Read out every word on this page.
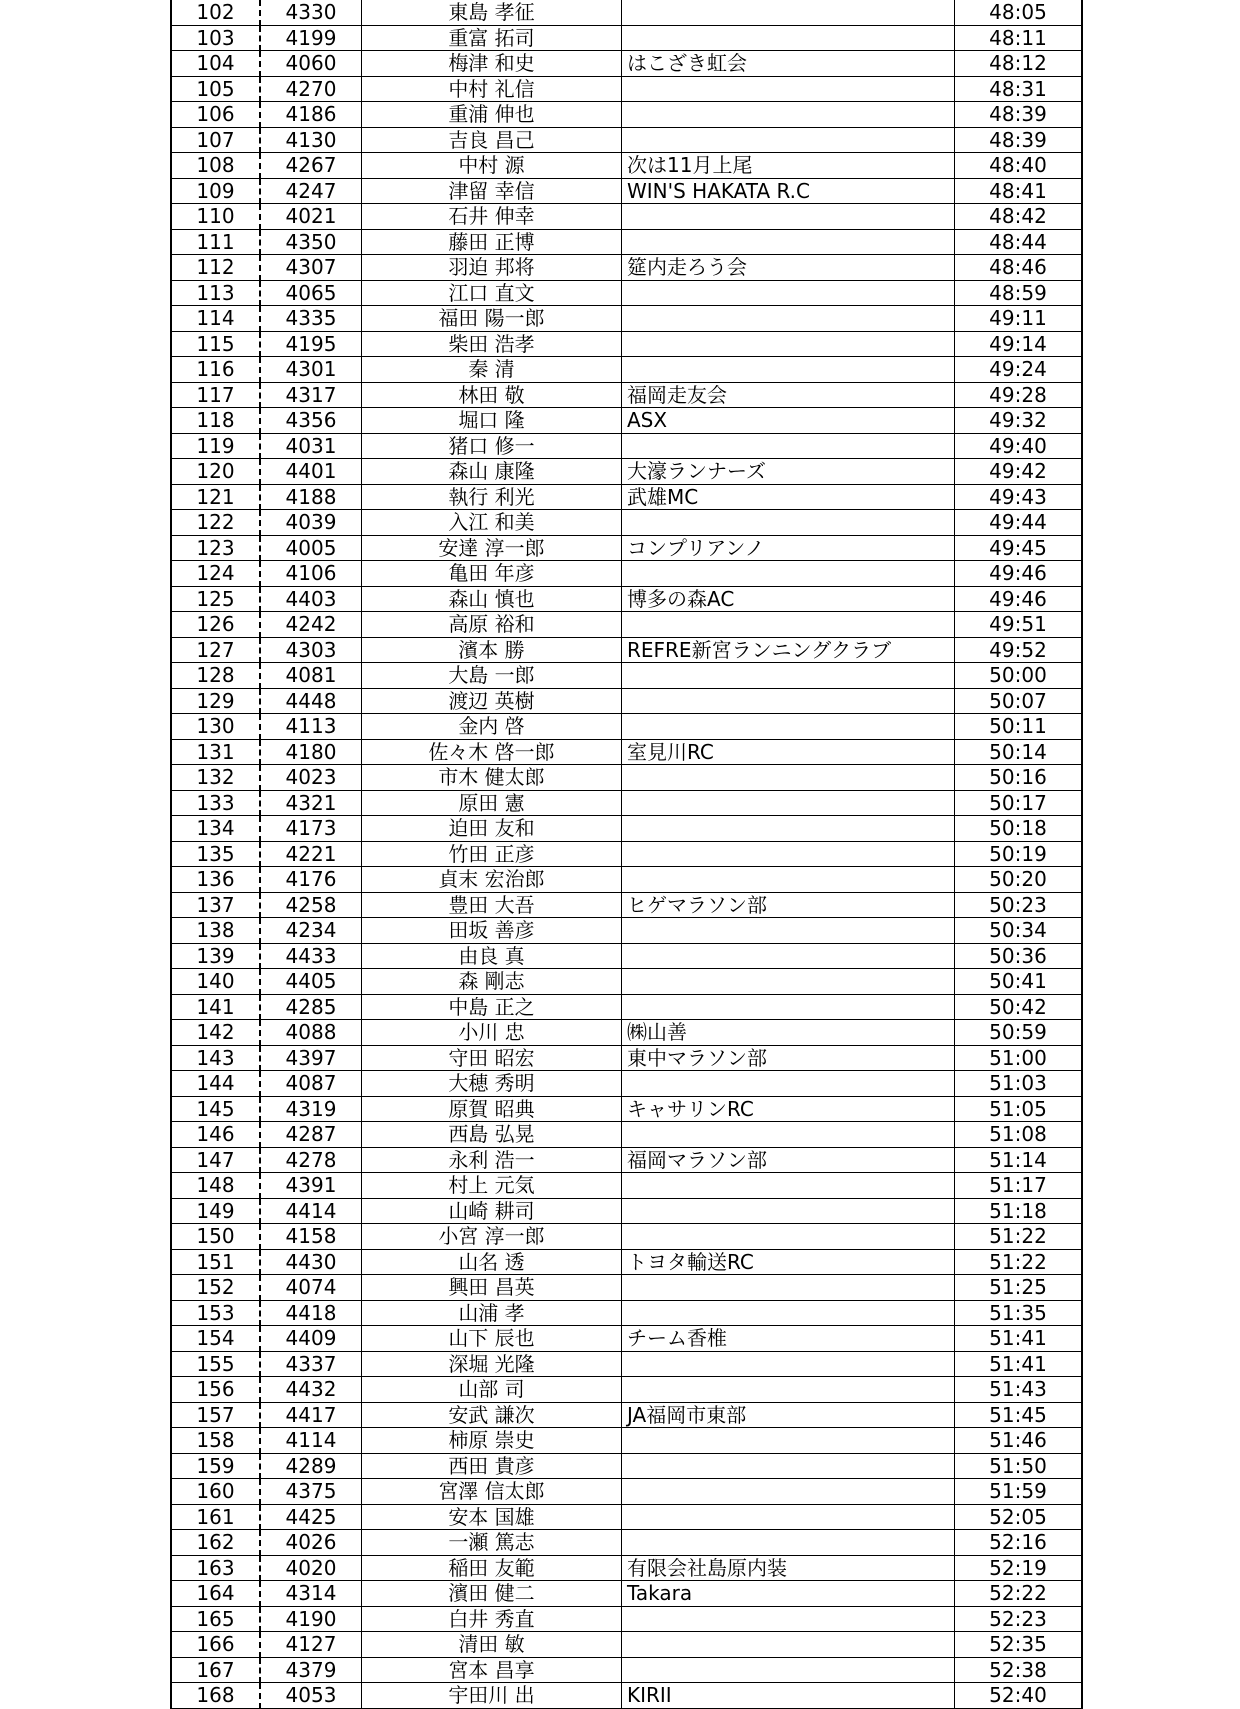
102	4330	東島 孝征		48:05
103	4199	重富 拓司		48:11
104	4060	梅津 和史	はこざき虹会	48:12
105	4270	中村 礼信		48:31
106	4186	重浦 伸也		48:39
107	4130	吉良 昌己		48:39
108	4267	中村 源	次は11月上尾	48:40
109	4247	津留 幸信	WIN'S HAKATA R.C	48:41
110	4021	石井 伸幸		48:42
111	4350	藤田 正博		48:44
112	4307	羽迫 邦将	筵内走ろう会	48:46
113	4065	江口 直文		48:59
114	4335	福田 陽一郎		49:11
115	4195	柴田 浩孝		49:14
116	4301	秦 清		49:24
117	4317	林田 敬	福岡走友会	49:28
118	4356	堀口 隆	ASX	49:32
119	4031	猪口 修一		49:40
120	4401	森山 康隆	大濠ランナーズ	49:42
121	4188	執行 利光	武雄MC	49:43
122	4039	入江 和美		49:44
123	4005	安達 淳一郎	コンプリアンノ	49:45
124	4106	亀田 年彦		49:46
125	4403	森山 慎也	博多の森AC	49:46
126	4242	高原 裕和		49:51
127	4303	濱本 勝	REFRE新宮ランニングクラブ	49:52
128	4081	大島 一郎		50:00
129	4448	渡辺 英樹		50:07
130	4113	金内 啓		50:11
131	4180	佐々木 啓一郎	室見川RC	50:14
132	4023	市木 健太郎		50:16
133	4321	原田 憲		50:17
134	4173	迫田 友和		50:18
135	4221	竹田 正彦		50:19
136	4176	貞末 宏治郎		50:20
137	4258	豊田 大吾	ヒゲマラソン部	50:23
138	4234	田坂 善彦		50:34
139	4433	由良 真		50:36
140	4405	森 剛志		50:41
141	4285	中島 正之		50:42
142	4088	小川 忠	㈱山善	50:59
143	4397	守田 昭宏	東中マラソン部	51:00
144	4087	大穂 秀明		51:03
145	4319	原賀 昭典	キャサリンRC	51:05
146	4287	西島 弘晃		51:08
147	4278	永利 浩一	福岡マラソン部	51:14
148	4391	村上 元気		51:17
149	4414	山崎 耕司		51:18
150	4158	小宮 淳一郎		51:22
151	4430	山名 透	トヨタ輸送RC	51:22
152	4074	興田 昌英		51:25
153	4418	山浦 孝		51:35
154	4409	山下 辰也	チーム香椎	51:41
155	4337	深堀 光隆		51:41
156	4432	山部 司		51:43
157	4417	安武 謙次	JA福岡市東部	51:45
158	4114	柿原 崇史		51:46
159	4289	西田 貴彦		51:50
160	4375	宮澤 信太郎		51:59
161	4425	安本 国雄		52:05
162	4026	一瀬 篤志		52:16
163	4020	稲田 友範	有限会社島原内装	52:19
164	4314	濱田 健二	Takara	52:22
165	4190	白井 秀直		52:23
166	4127	清田 敏		52:35
167	4379	宮本 昌享		52:38
168	4053	宇田川 出	KIRII	52:40
